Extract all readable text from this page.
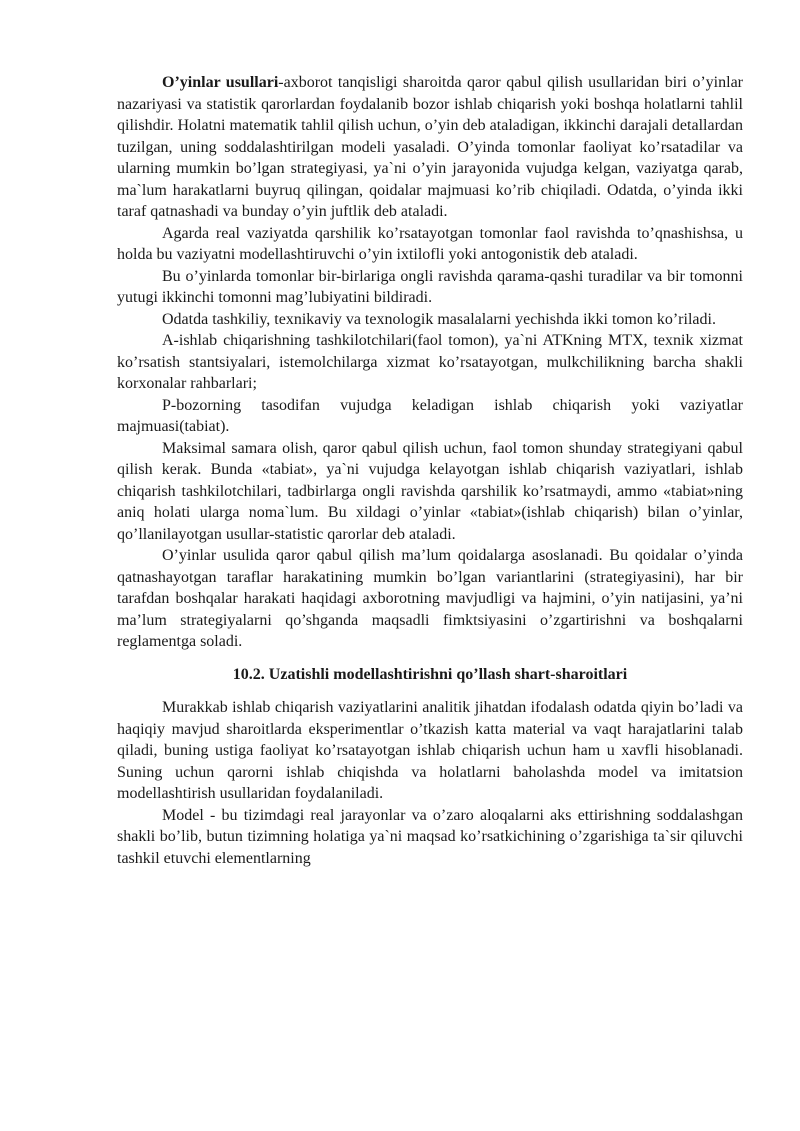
O’yinlar usullari-axborot tanqisligi sharoitda qaror qabul qilish usullaridan biri o’yinlar nazariyasi va statistik qarorlardan foydalanib bozor ishlab chiqarish yoki boshqa holatlarni tahlil qilishdir. Holatni matematik tahlil qilish uchun, o’yin deb ataladigan, ikkinchi darajali detallardan tuzilgan, uning soddalashtirilgan modeli yasaladi. O’yinda tomonlar faoliyat ko’rsatadilar va ularning mumkin bo’lgan strategiyasi, ya`ni o’yin jarayonida vujudga kelgan, vaziyatga qarab, ma`lum harakatlarni buyruq qilingan, qoidalar majmuasi ko’rib chiqiladi. Odatda, o’yinda ikki taraf qatnashadi va bunday o’yin juftlik deb ataladi.

Agarda real vaziyatda qarshilik ko’rsatayotgan tomonlar faol ravishda to’qnashishsa, u holda bu vaziyatni modellashtiruvchi o’yin ixtilofli yoki antogonistik deb ataladi.

Bu o’yinlarda tomonlar bir-birlariga ongli ravishda qarama-qashi turadilar va bir tomonni yutugi ikkinchi tomonni mag’lubiyatini bildiradi.

Odatda tashkiliy, texnikaviy va texnologik masalalarni yechishda ikki tomon ko’riladi.

A-ishlab chiqarishning tashkilotchilari(faol tomon), ya`ni ATKning MTX, texnik xizmat ko’rsatish stantsiyalari, istemolchilarga xizmat ko’rsatayotgan, mulkchilikning barcha shakli korxonalar rahbarlari;

P-bozorning tasodifan vujudga keladigan ishlab chiqarish yoki vaziyatlar majmuasi(tabiat).

Maksimal samara olish, qaror qabul qilish uchun, faol tomon shunday strategiyani qabul qilish kerak. Bunda «tabiat», ya`ni vujudga kelayotgan ishlab chiqarish vaziyatlari, ishlab chiqarish tashkilotchilari, tadbirlarga ongli ravishda qarshilik ko’rsatmaydi, ammo «tabiat»ning aniq holati ularga noma`lum. Bu xildagi o’yinlar «tabiat»(ishlab chiqarish) bilan o’yinlar, qo’llanilayotgan usullar-statistic qarorlar deb ataladi.

O’yinlar usulida qaror qabul qilish ma’lum qoidalarga asoslanadi. Bu qoidalar o’yinda qatnashayotgan taraflar harakatining mumkin bo’lgan variantlarini (strategiyasini), har bir tarafdan boshqalar harakati haqidagi axborotning mavjudligi va hajmini, o’yin natijasini, ya’ni ma’lum strategiyalarni qo’shganda maqsadli fimktsiyasini o’zgartirishni va boshqalarni reglamentga soladi.

10.2. Uzatishli modellashtirishni qo’llash shart-sharoitlari

Murakkab ishlab chiqarish vaziyatlarini analitik jihatdan ifodalash odatda qiyin bo’ladi va haqiqiy mavjud sharoitlarda eksperimentlar o’tkazish katta material va vaqt harajatlarini talab qiladi, buning ustiga faoliyat ko’rsatayotgan ishlab chiqarish uchun ham u xavfli hisoblanadi. Suning uchun qarorni ishlab chiqishda va holatlarni baholashda model va imitatsion modellashtirish usullaridan foydalaniladi.

Model - bu tizimdagi real jarayonlar va o’zaro aloqalarni aks ettirishning soddalashgan shakli bo’lib, butun tizimning holatiga ya`ni maqsad ko’rsatkichining o’zgarishiga ta`sir qiluvchi tashkil etuvchi elementlarning
